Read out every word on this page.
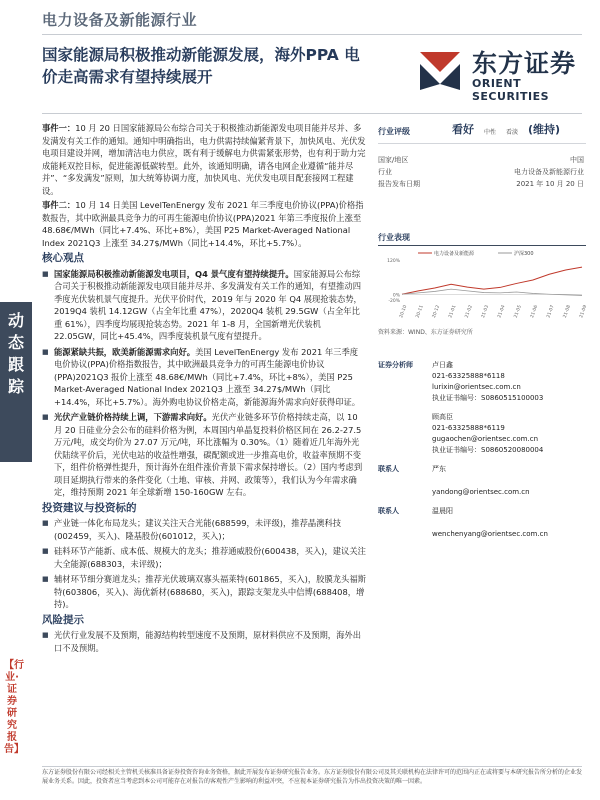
电力设备及新能源行业
国家能源局积极推动新能源发展，海外PPA 电价走高需求有望持续展开	东方证券
ORIENT SECURITIES
动
态
跟
踪
【行业·证券研究报告】
事件一：10 月 20 日国家能源局公布综合司关于积极推动新能源发电项目能并尽并、多发满发有关工作的通知。通知中明确指出，电力供需持续偏紧背景下，加快风电、光伏发电项目建设并网，增加清洁电力供应，既有利于缓解电力供需紧张形势，也有利于助力完成能耗双控目标，促进能源低碳转型。此外，该通知明确，请各电网企业遵循“能并尽并”、“多发满发”原则，加大统筹协调力度，加快风电、光伏发电项目配套接网工程建设。
事件二：10 月 14 日美国 LevelTenEnergy 发布 2021 年三季度电价协议(PPA)价格指数报告，其中欧洲最具竞争力的可再生能源电价协议(PPA)2021 年第三季度报价上涨至 48.68€/MWh（同比+7.4%、环比+8%），美国 P25 Market-Averaged National Index 2021Q3 上涨至 34.27$/MWh（同比+14.4%，环比+5.7%）。
核心观点
■ 国家能源局积极推动新能源发电项目，Q4 景气度有望持续提升。国家能源局公布综合司关于积极推动新能源发电项目能并尽并、多发满发有关工作的通知，有望推动四季度光伏装机景气度提升。光伏平价时代，2019 年与 2020 年 Q4 展现抢装态势，2019Q4 装机 14.12GW（占全年比重 47%），2020Q4 装机 29.5GW（占全年比重 61%），四季度均展现抢装态势。2021 年 1-8 月，全国新增光伏装机 22.05GW，同比+45.4%，四季度装机景气度有望提升。
■ 能源紧缺共振，欧美新能源需求向好。美国 LevelTenEnergy 发布 2021 年三季度电价协议(PPA)价格指数报告，其中欧洲最具竞争力的可再生能源电价协议(PPA)2021Q3 报价上涨至 48.68€/MWh（同比+7.4%，环比+8%），美国 P25 Market-Averaged National Index 2021Q3 上涨至 34.27$/MWh（同比+14.4%，环比+5.7%）。海外购电协议价格走高，新能源海外需求向好获得印证。
■ 光伏产业链价格持续上调，下游需求向好。光伏产业链多环节价格持续走高，以 10 月 20 日硅业分会公布的硅料价格为例，本周国内单晶复投料价格区间在 26.2-27.5 万元/吨，成交均价为 27.07 万元/吨，环比涨幅为 0.30%。（1）随着近几年海外光伏陆续平价后，光伏电站的收益性增强，碳配额或进一步推高电价，收益率预期不变下，组件价格弹性提升，预计海外在组件涨价背景下需求保持增长。（2）国内考虑到项目延期执行带来的条件变化（土地、审核、并网、政策等），我们认为今年需求确定，维持预期 2021 年全球新增 150-160GW 左右。
投资建议与投资标的
■ 产业链一体化布局龙头；建议关注天合光能(688599，未评级)，推荐晶澳科技(002459，买入)、隆基股份(601012，买入)；
■ 硅料环节产能新、成本低、规模大的龙头；推荐通威股份(600438，买入)，建议关注大全能源(688303，未评级)；
■ 辅材环节细分赛道龙头；推荐光伏玻璃双寡头福莱特(601865，买入)，胶膜龙头福斯特(603806，买入)、海优新材(688680，买入)，跟踪支架龙头中信博(688408，增持)。
风险提示
■ 光伏行业发展不及预期，能源结构转型速度不及预期，原材料供应不及预期，海外出口不及预期。
行业评级	看好 中性 看淡 (维持)
国家/地区	中国
行业	电力设备及新能源行业
报告发布日期	2021 年 10 月 20 日
行业表现
-20%
0%
120%
20-10 20-11 20-12 21-01 21-02 21-03 21-04 21-05 21-06 21-07 21-08 21-09
电力设备及新能源	沪深300
资料来源：WIND、东方证券研究所
证券分析师	卢日鑫
021-63325888*6118
lurixin@orientsec.com.cn
执业证书编号：S0860515100003
顾高臣
021-63325888*6119
gugaochen@orientsec.com.cn
执业证书编号：S0860520080004
联系人	严东
yandong@orientsec.com.cn
联系人	温晨阳
wenchenyang@orientsec.com.cn
东方证券股份有限公司经相关主管机关核准具备证券投资咨询业务资格，据此开展发布证券研究报告业务。东方证券股份有限公司及其关联机构在法律许可的范围内正在或将要与本研究报告所分析的企业发展业务关系。因此，投资者应当考虑到本公司可能存在对报告的客观性产生影响的利益冲突，不应视本证券研究报告为作出投资决策的唯一因素。
